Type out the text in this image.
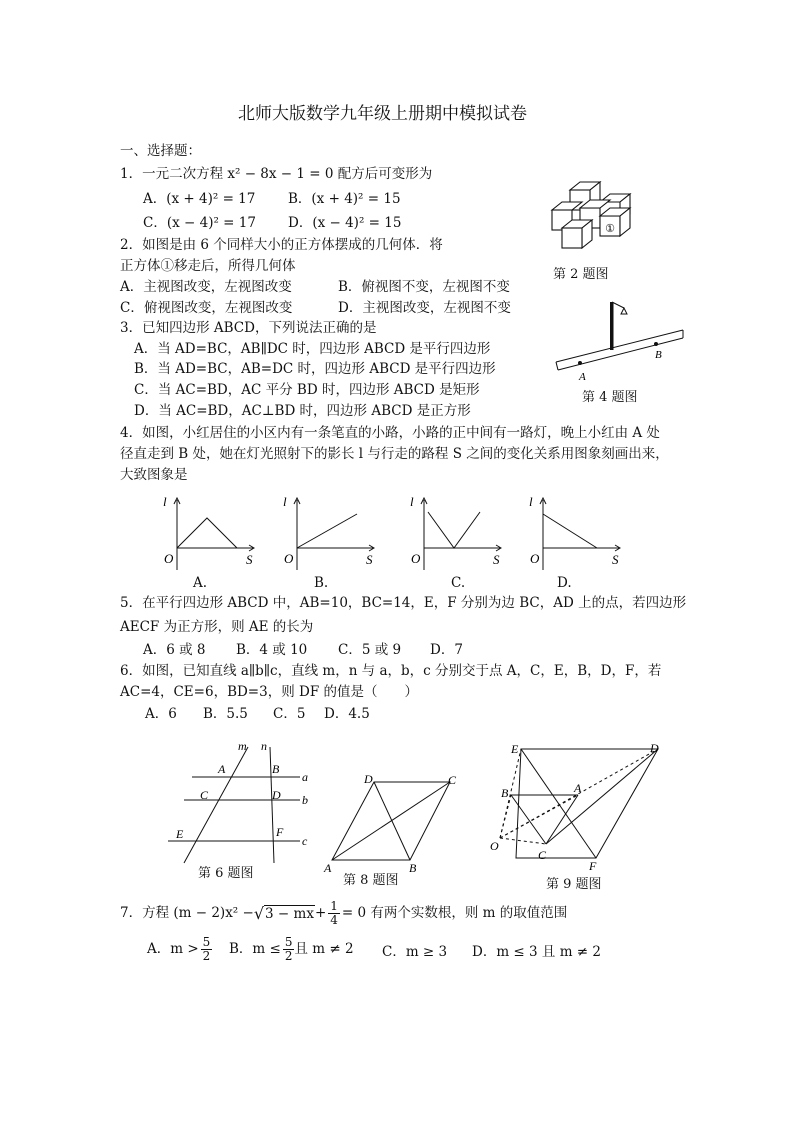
北师大版数学九年级上册期中模拟试卷
一、选择题：
1．一元二次方程 x² − 8x − 1 = 0 配方后可变形为
A．(x + 4)² = 17 B．(x + 4)² = 15
C．(x − 4)² = 17 D．(x − 4)² = 15
2．如图是由 6 个同样大小的正方体摆成的几何体．将
正方体①移走后，所得几何体
A．主视图改变，左视图改变	B．俯视图不变，左视图不变
C．俯视图改变，左视图改变	D．主视图改变，左视图不变
①
第 2 题图
A
B
第 4 题图
3．已知四边形 ABCD，下列说法正确的是
A．当 AD=BC，AB∥DC 时，四边形 ABCD 是平行四边形
B．当 AD=BC，AB=DC 时，四边形 ABCD 是平行四边形
C．当 AC=BD，AC 平分 BD 时，四边形 ABCD 是矩形
D．当 AC=BD，AC⊥BD 时，四边形 ABCD 是正方形
4．如图，小红居住的小区内有一条笔直的小路，小路的正中间有一路灯，晚上小红由 A 处
径直走到 B 处，她在灯光照射下的影长 l 与行走的路程 S 之间的变化关系用图象刻画出来，
大致图象是
l
O	S
A.
l
O	S
B.
l
O	S
C.
l
O	S
D.
5．在平行四边形 ABCD 中，AB=10，BC=14，E，F 分别为边 BC，AD 上的点，若四边形
AECF 为正方形，则 AE 的长为
A．6 或 8 B．4 或 10 C．5 或 9 D．7
6．如图，已知直线 a∥b∥c，直线 m，n 与 a，b，c 分别交于点 A，C，E，B，D，F，若
AC=4，CE=6，BD=3，则 DF 的值是（　　）
A．6 B．5.5 C．5 D．4.5
m n
a
b
c
A	B
C	D
E	F
第 6 题图	A	B
C
D
第 8 题图
E	D
B	A
O
C
F
第 9 题图
7．方程 (m − 2)x² − √ 3 − mx + $\frac{1}{4} = 0$ 有两个实数根，则 m 的取值范围
A．$m > \frac{5}{2}$ B．$m \le \frac{5}{2}$ 且 m ≠ 2 C．m ≥ 3 D．m ≤ 3 且 m ≠ 2
